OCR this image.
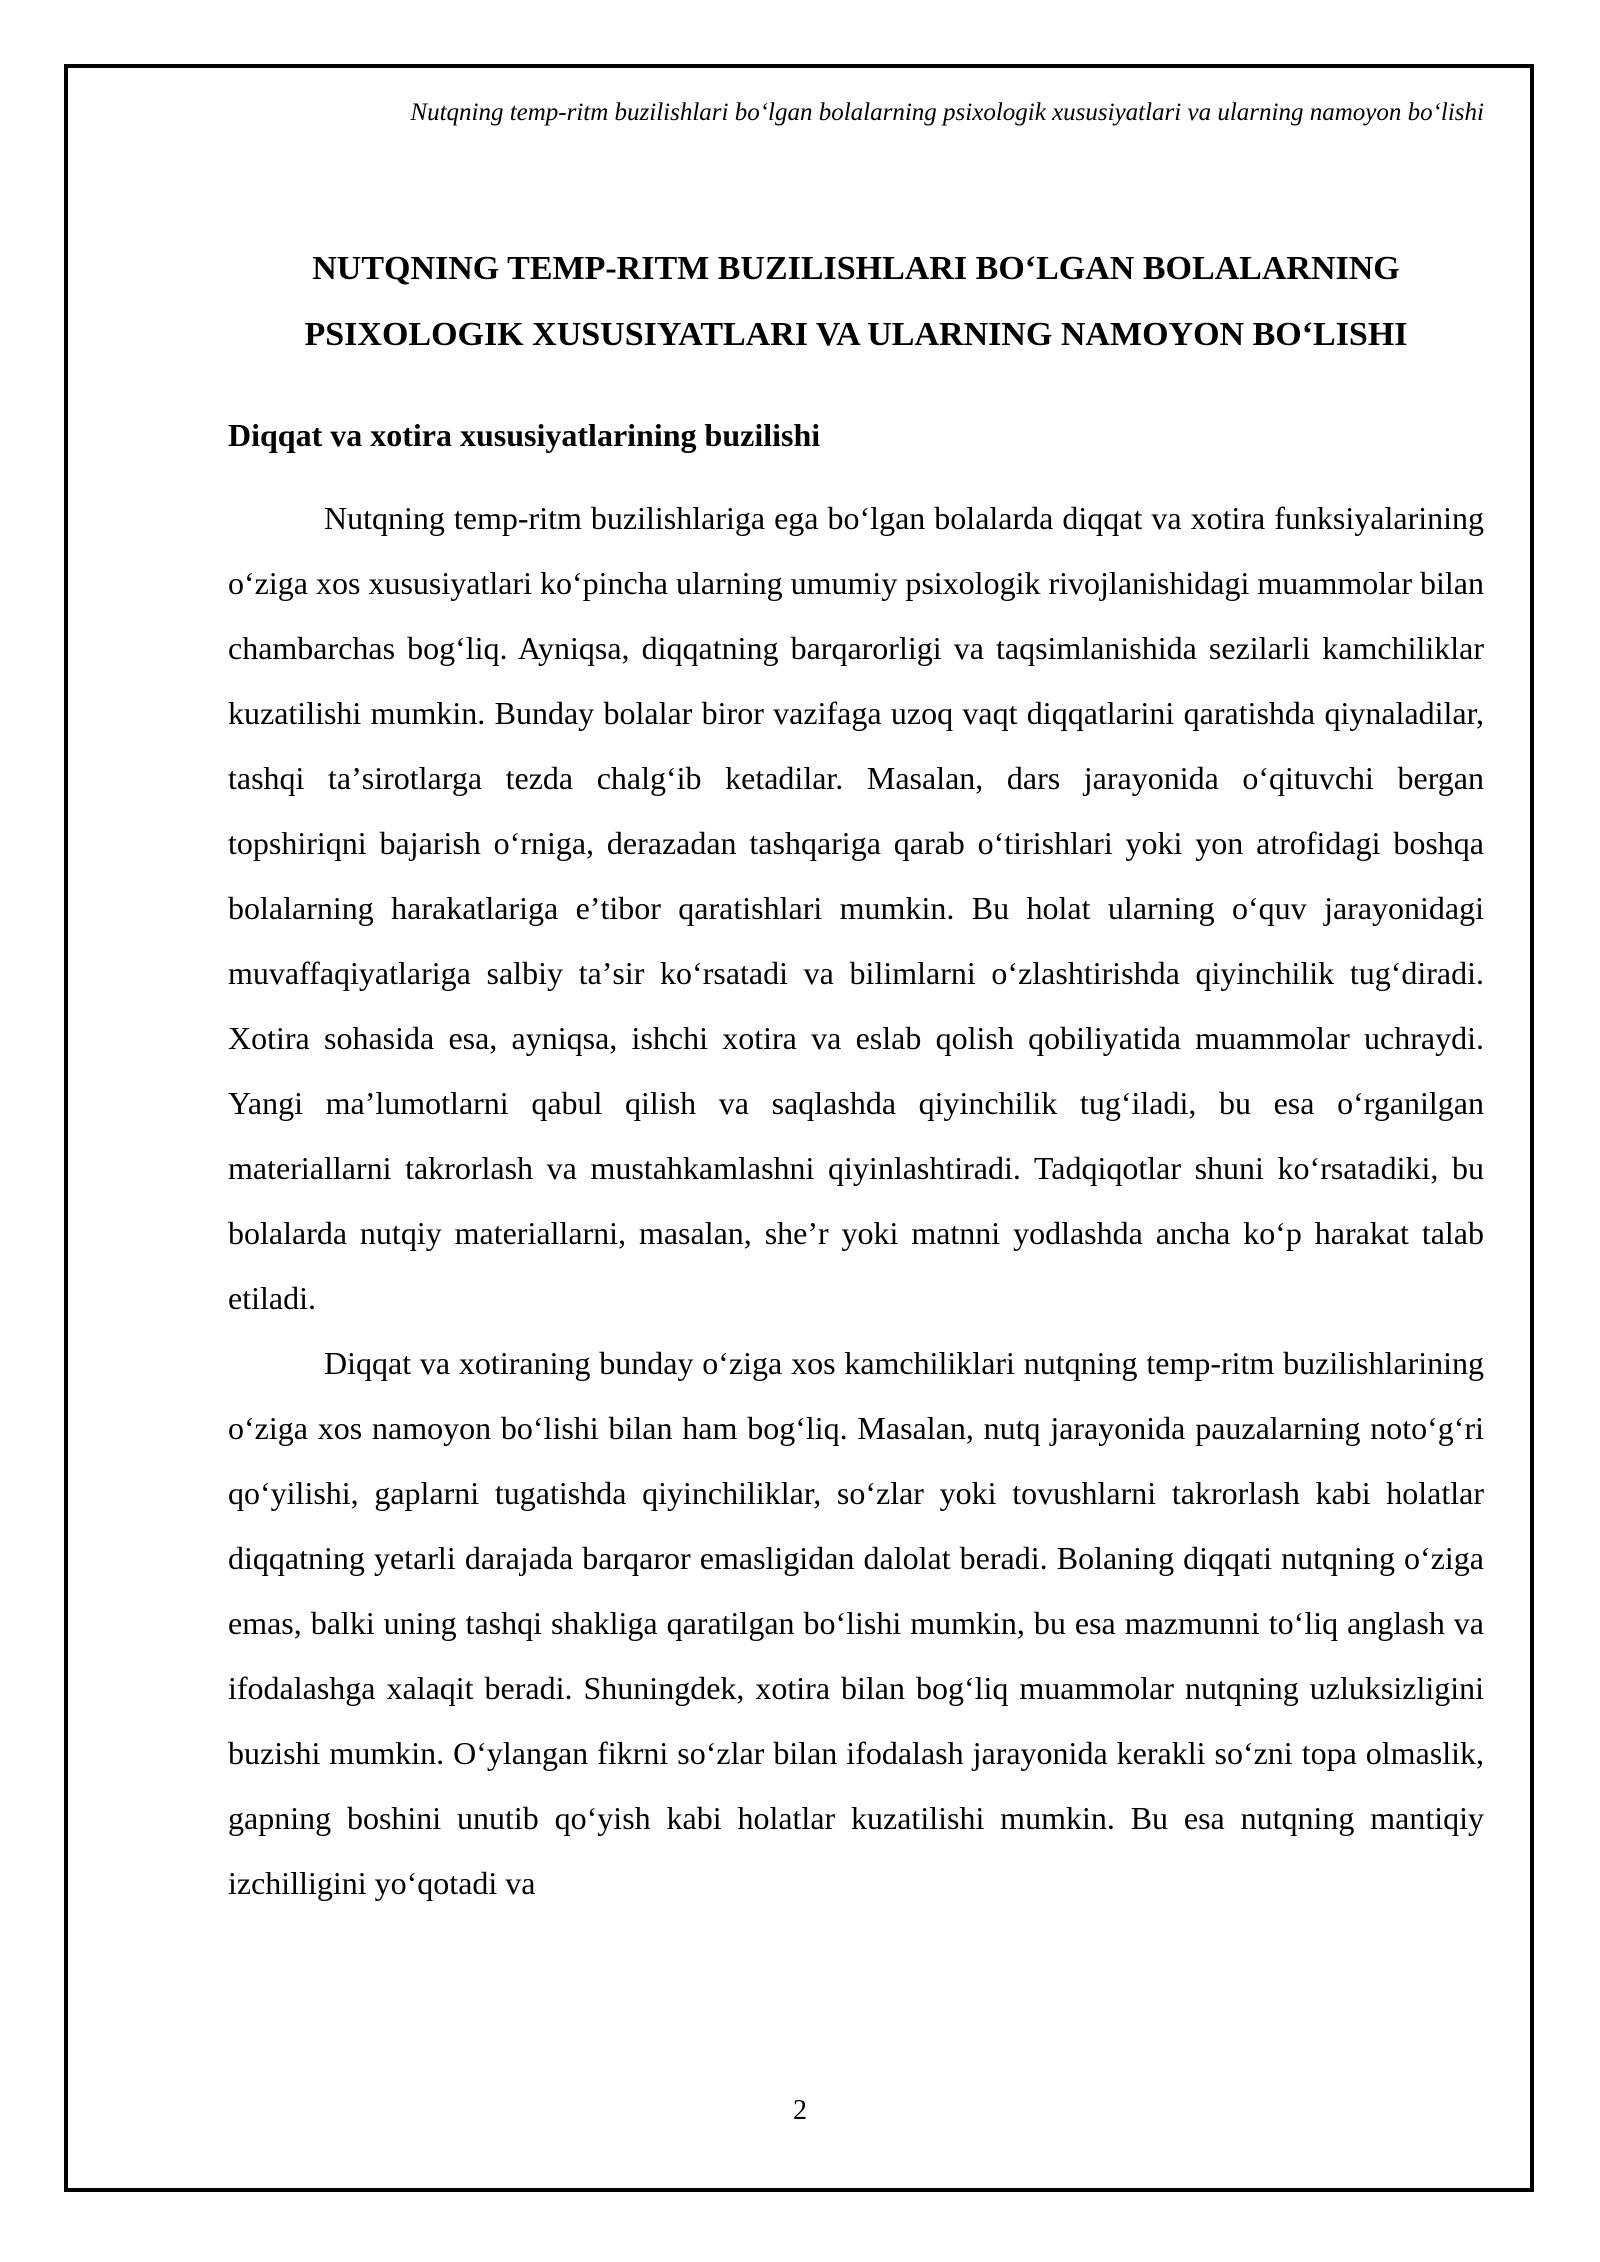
Nutqning temp-ritm buzilishlari boʻlgan bolalarning psixologik xususiyatlari va ularning namoyon boʻlishi
NUTQNING TEMP-RITM BUZILISHLARI BOʻLGAN BOLALARNING
PSIXOLOGIK XUSUSIYATLARI VA ULARNING NAMOYON BOʻLISHI
Diqqat va xotira xususiyatlarining buzilishi

Nutqning temp-ritm buzilishlariga ega boʻlgan bolalarda diqqat va xotira funksiyalarining oʻziga xos xususiyatlari koʻpincha ularning umumiy psixologik rivojlanishidagi muammolar bilan chambarchas bogʻliq. Ayniqsa, diqqatning barqarorligi va taqsimlanishida sezilarli kamchiliklar kuzatilishi mumkin. Bunday bolalar biror vazifaga uzoq vaqt diqqatlarini qaratishda qiynaladilar, tashqi taʼsirotlarga tezda chalgʻib ketadilar. Masalan, dars jarayonida oʻqituvchi bergan topshiriqni bajarish oʻrniga, derazadan tashqariga qarab oʻtirishlari yoki yon atrofidagi boshqa bolalarning harakatlariga eʼtibor qaratishlari mumkin. Bu holat ularning oʻquv jarayonidagi muvaffaqiyatlariga salbiy taʼsir koʻrsatadi va bilimlarni oʻzlashtirishda qiyinchilik tugʻdiradi. Xotira sohasida esa, ayniqsa, ishchi xotira va eslab qolish qobiliyatida muammolar uchraydi. Yangi maʼlumotlarni qabul qilish va saqlashda qiyinchilik tugʻiladi, bu esa oʻrganilgan materiallarni takrorlash va mustahkamlashni qiyinlashtiradi. Tadqiqotlar shuni koʻrsatadiki, bu bolalarda nutqiy materiallarni, masalan, sheʼr yoki matnni yodlashda ancha koʻp harakat talab etiladi.

Diqqat va xotiraning bunday oʻziga xos kamchiliklari nutqning temp-ritm buzilishlarining oʻziga xos namoyon boʻlishi bilan ham bogʻliq. Masalan, nutq jarayonida pauzalarning notoʻgʻri qoʻyilishi, gaplarni tugatishda qiyinchiliklar, soʻzlar yoki tovushlarni takrorlash kabi holatlar diqqatning yetarli darajada barqaror emasligidan dalolat beradi. Bolaning diqqati nutqning oʻziga emas, balki uning tashqi shakliga qaratilgan boʻlishi mumkin, bu esa mazmunni toʻliq anglash va ifodalashga xalaqit beradi. Shuningdek, xotira bilan bogʻliq muammolar nutqning uzluksizligini buzishi mumkin. Oʻylangan fikrni soʻzlar bilan ifodalash jarayonida kerakli soʻzni topa olmaslik, gapning boshini unutib qoʻyish kabi holatlar kuzatilishi mumkin. Bu esa nutqning mantiqiy izchilligini yoʻqotadi va

2
